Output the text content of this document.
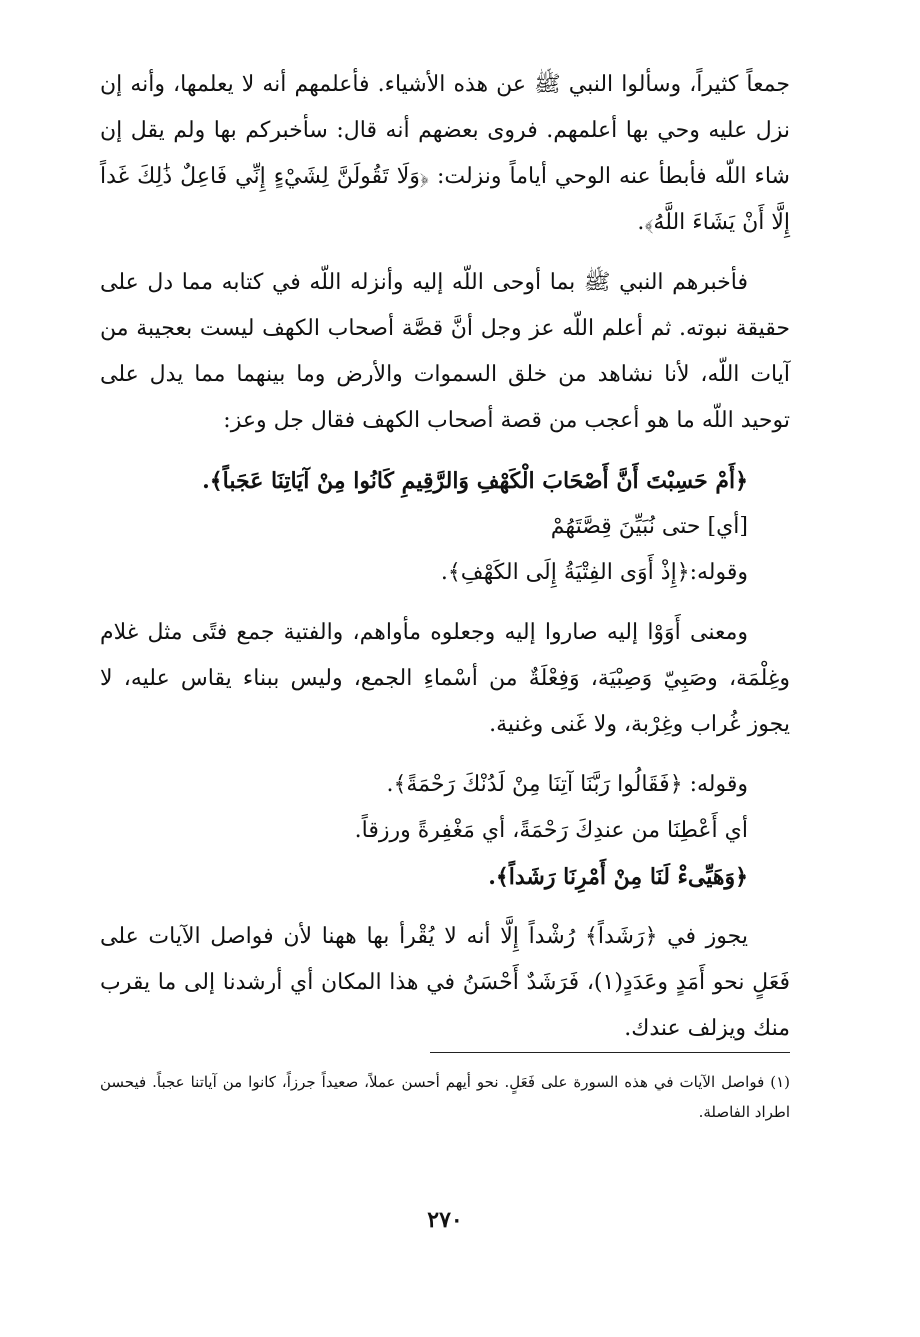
جمعاً كثيراً، وسألوا النبي ﷺ عن هذه الأشياء. فأعلمهم أنه لا يعلمها، وأنه إن نزل عليه وحي بها أعلمهم. فروى بعضهم أنه قال: سأخبركم بها ولم يقل إن شاء اللّه فأبطأ عنه الوحي أياماً ونزلت: ﴿وَلَا تَقُولَنَّ لِشَيْءٍ إِنِّي فَاعِلٌ ذَٰلِكَ غَداً إِلَّا أَنْ يَشَاءَ اللَّهُ﴾.

فأخبرهم النبي ﷺ بما أوحى اللّه إليه وأنزله اللّه في كتابه مما دل على حقيقة نبوته. ثم أعلم اللّه عز وجل أنَّ قصَّة أصحاب الكهف ليست بعجيبة من آيات اللّه، لأنا نشاهد من خلق السموات والأرض وما بينهما مما يدل على توحيد اللّه ما هو أعجب من قصة أصحاب الكهف فقال جل وعز:

﴿أَمْ حَسِبْتَ أَنَّ أَصْحَابَ الْكَهْفِ وَالرَّقِيمِ كَانُوا مِنْ آيَاتِنَا عَجَباً﴾.
[أي] حتى نُبَيِّنَ قِصَّتَهُمْ
وقوله:﴿إِذْ أَوَى الفِتْيَةُ إِلَى الكَهْفِ﴾.

ومعنى أَوَوْا إليه صاروا إليه وجعلوه مأواهم، والفتية جمع فتًى مثل غلام وغِلْمَة، وصَبِيّ وَصِبْيَة، وَفِعْلَةٌ من أسْماءِ الجمع، وليس ببناء يقاس عليه، لا يجوز غُراب وغِرْبة، ولا غَنى وغنية.

وقوله: ﴿فَقَالُوا رَبَّنَا آتِنَا مِنْ لَدُنْكَ رَحْمَةً﴾.
أي أَعْطِنَا من عندِكَ رَحْمَةً، أي مَغْفِرةً ورزقاً.
﴿وَهَيِّىءْ لَنَا مِنْ أَمْرِنَا رَشَداً﴾.

يجوز في ﴿رَشَداً﴾ رُشْداً إِلَّا أنه لا يُقْرأ بها ههنا لأن فواصل الآيات على فَعَلٍ نحو أَمَدٍ وعَدَدٍ(١)، فَرَشَدٌ أَحْسَنُ في هذا المكان أي أرشدنا إلى ما يقرب منك ويزلف عندك.

(١) فواصل الآيات في هذه السورة على فَعَلٍ. نحو أيهم أحسن عملاً، صعيداً جرزاً، كانوا من آياتنا عجباً. فيحسن اطراد الفاصلة.
٢٧٠
